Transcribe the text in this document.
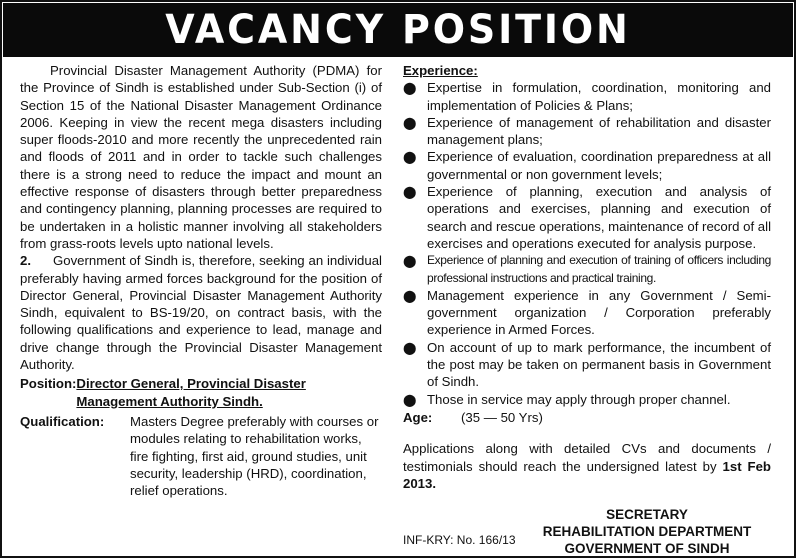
VACANCY POSITION

Provincial Disaster Management Authority (PDMA) for the Province of Sindh is established under Sub-Section (i) of Section 15 of the National Disaster Management Ordinance 2006. Keeping in view the recent mega disasters including super floods-2010 and more recently the unprecedented rain and floods of 2011 and in order to tackle such challenges there is a strong need to reduce the impact and mount an effective response of disasters through better preparedness and contingency planning, planning processes are required to be undertaken in a holistic manner involving all stakeholders from grass-roots levels upto national levels.

2. Government of Sindh is, therefore, seeking an individual preferably having armed forces background for the position of Director General, Provincial Disaster Management Authority Sindh, equivalent to BS-19/20, on contract basis, with the following qualifications and experience to lead, manage and drive change through the Provincial Disaster Management Authority.

Position: Director General, Provincial Disaster Management Authority Sindh.
Qualification:	Masters Degree preferably with courses or modules relating to rehabilitation works, fire fighting, first aid, ground studies, unit security, leadership (HRD), coordination, relief operations.
Experience:
⬤ Expertise in formulation, coordination, monitoring and implementation of Policies & Plans;
⬤ Experience of management of rehabilitation and disaster management plans;
⬤ Experience of evaluation, coordination preparedness at all governmental or non government levels;
⬤ Experience of planning, execution and analysis of operations and exercises, planning and execution of search and rescue operations, maintenance of record of all exercises and operations executed for analysis purpose.
⬤ Experience of planning and execution of training of officers including professional instructions and practical training.
⬤ Management experience in any Government / Semi-government organization / Corporation preferably experience in Armed Forces.
⬤ On account of up to mark performance, the incumbent of the post may be taken on permanent basis in Government of Sindh.
⬤ Those in service may apply through proper channel.
Age:	(35 — 50 Yrs)

Applications along with detailed CVs and documents / testimonials should reach the undersigned latest by 1st Feb 2013.

SECRETARY
REHABILITATION DEPARTMENT
GOVERNMENT OF SINDH
INF-KRY: No. 166/13
